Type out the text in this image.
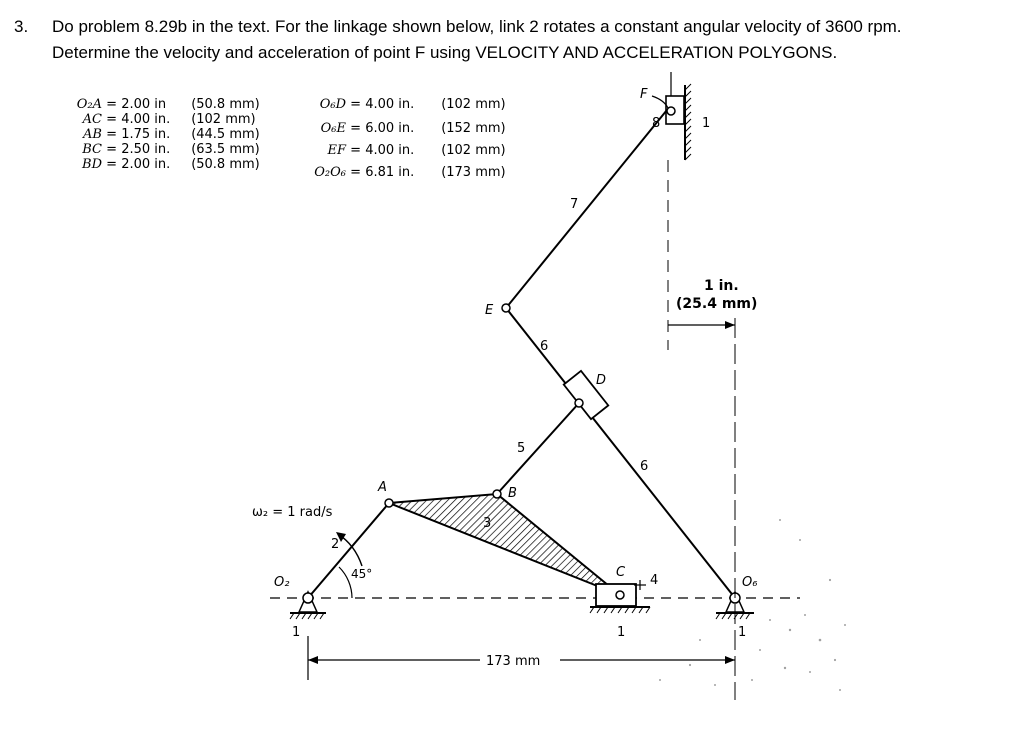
3. Do problem 8.29b in the text. For the linkage shown below, link 2 rotates a constant angular velocity of 3600 rpm.
Determine the velocity and acceleration of point F using VELOCITY AND ACCELERATION POLYGONS.
O₂A = 2.00 in (50.8 mm)
AC = 4.00 in. (102 mm)
AB = 1.75 in. (44.5 mm)
BC = 2.50 in. (63.5 mm)
BD = 2.00 in. (50.8 mm)
O₆D = 4.00 in. (102 mm)
O₆E = 6.00 in. (152 mm)
EF = 4.00 in. (102 mm)
O₂O₆ = 6.81 in. (173 mm)
F
8	1
7
E
6
D
6
5
B
A
3
ω₂ = 1 rad/s
2
45°
O₂
C
4	O₆
1	1	1
1 in.
(25.4 mm)
173 mm
